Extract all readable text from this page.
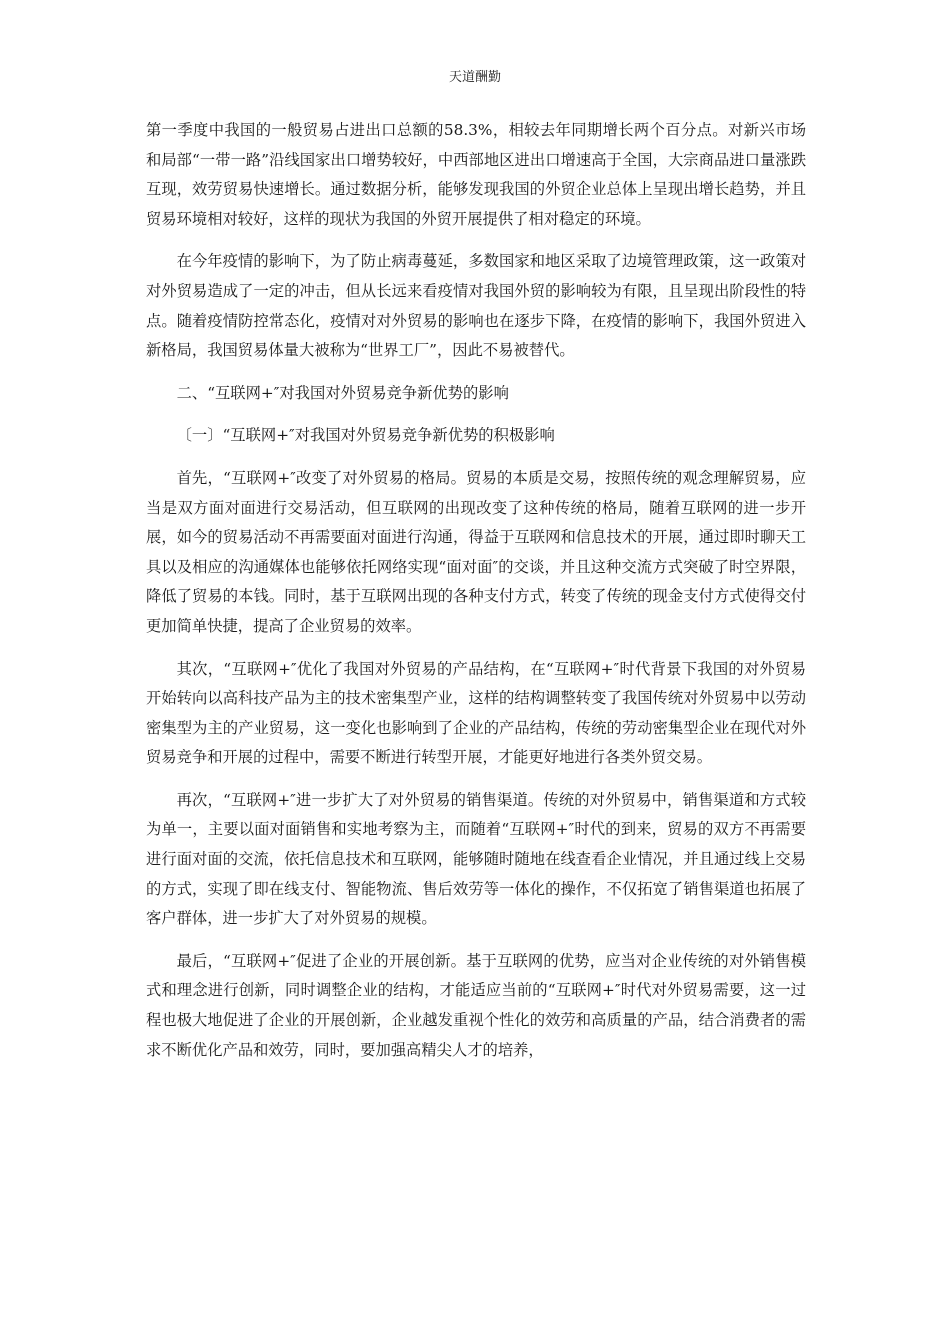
天道酬勤

第一季度中我国的一般贸易占进出口总额的58.3%，相较去年同期增长两个百分点。对新兴市场和局部“一带一路”沿线国家出口增势较好，中西部地区进出口增速高于全国，大宗商品进口量涨跌互现，效劳贸易快速增长。通过数据分析，能够发现我国的外贸企业总体上呈现出增长趋势，并且贸易环境相对较好，这样的现状为我国的外贸开展提供了相对稳定的环境。

在今年疫情的影响下，为了防止病毒蔓延，多数国家和地区采取了边境管理政策，这一政策对对外贸易造成了一定的冲击，但从长远来看疫情对我国外贸的影响较为有限，且呈现出阶段性的特点。随着疫情防控常态化，疫情对对外贸易的影响也在逐步下降，在疫情的影响下，我国外贸进入新格局，我国贸易体量大被称为“世界工厂”，因此不易被替代。

二、“互联网+″对我国对外贸易竞争新优势的影响

〔一〕“互联网+″对我国对外贸易竞争新优势的积极影响

首先，“互联网+″改变了对外贸易的格局。贸易的本质是交易，按照传统的观念理解贸易，应当是双方面对面进行交易活动，但互联网的出现改变了这种传统的格局，随着互联网的进一步开展，如今的贸易活动不再需要面对面进行沟通，得益于互联网和信息技术的开展，通过即时聊天工具以及相应的沟通媒体也能够依托网络实现“面对面″的交谈，并且这种交流方式突破了时空界限，降低了贸易的本钱。同时，基于互联网出现的各种支付方式，转变了传统的现金支付方式使得交付更加简单快捷，提高了企业贸易的效率。

其次，“互联网+″优化了我国对外贸易的产品结构，在“互联网+″时代背景下我国的对外贸易开始转向以高科技产品为主的技术密集型产业，这样的结构调整转变了我国传统对外贸易中以劳动密集型为主的产业贸易，这一变化也影响到了企业的产品结构，传统的劳动密集型企业在现代对外贸易竞争和开展的过程中，需要不断进行转型开展，才能更好地进行各类外贸交易。

再次，“互联网+″进一步扩大了对外贸易的销售渠道。传统的对外贸易中，销售渠道和方式较为单一，主要以面对面销售和实地考察为主，而随着“互联网+″时代的到来，贸易的双方不再需要进行面对面的交流，依托信息技术和互联网，能够随时随地在线查看企业情况，并且通过线上交易的方式，实现了即在线支付、智能物流、售后效劳等一体化的操作，不仅拓宽了销售渠道也拓展了客户群体，进一步扩大了对外贸易的规模。

最后，“互联网+″促进了企业的开展创新。基于互联网的优势，应当对企业传统的对外销售模式和理念进行创新，同时调整企业的结构，才能适应当前的“互联网+″时代对外贸易需要，这一过程也极大地促进了企业的开展创新，企业越发重视个性化的效劳和高质量的产品，结合消费者的需求不断优化产品和效劳，同时，要加强高精尖人才的培养，
